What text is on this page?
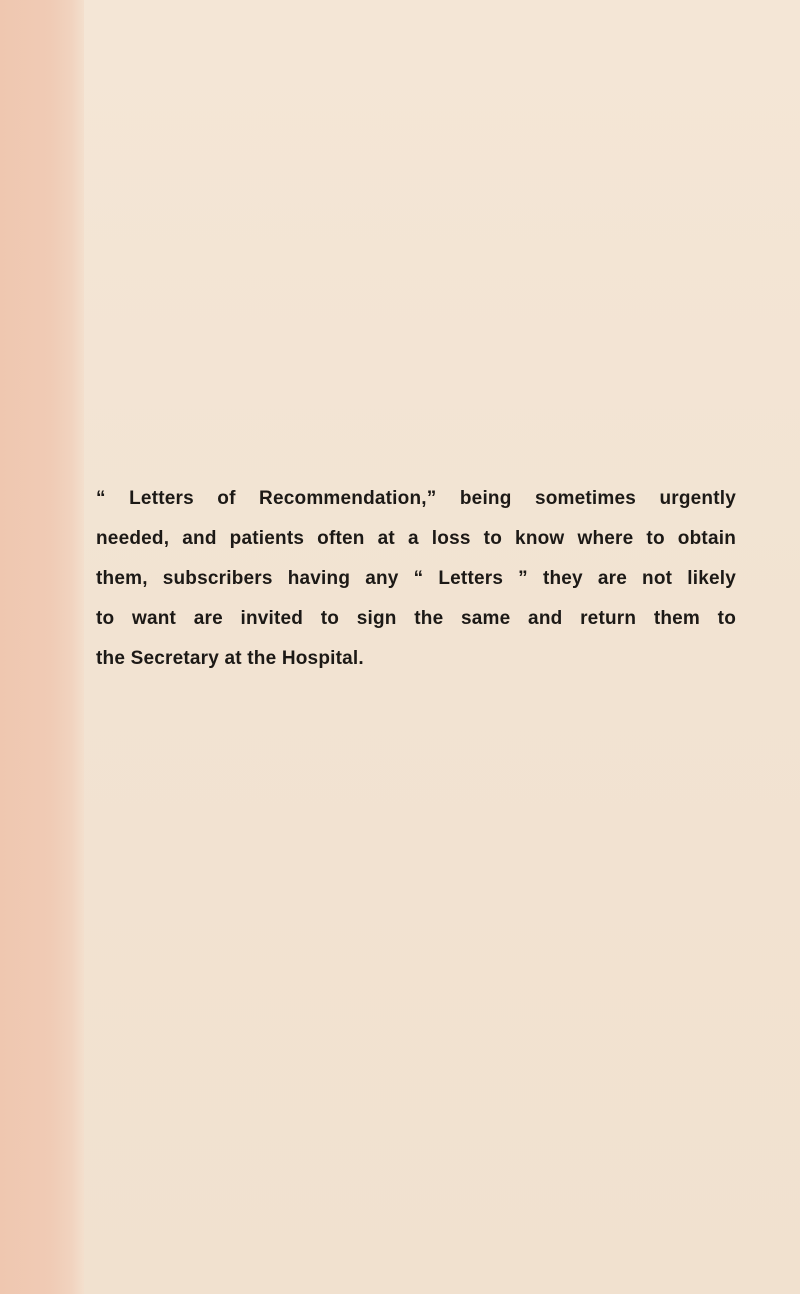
“ Letters of Recommendation,” being sometimes urgently
needed, and patients often at a loss to know where to obtain
them, subscribers having any “ Letters ” they are not likely
to want are invited to sign the same and return them to
the Secretary at the Hospital.
